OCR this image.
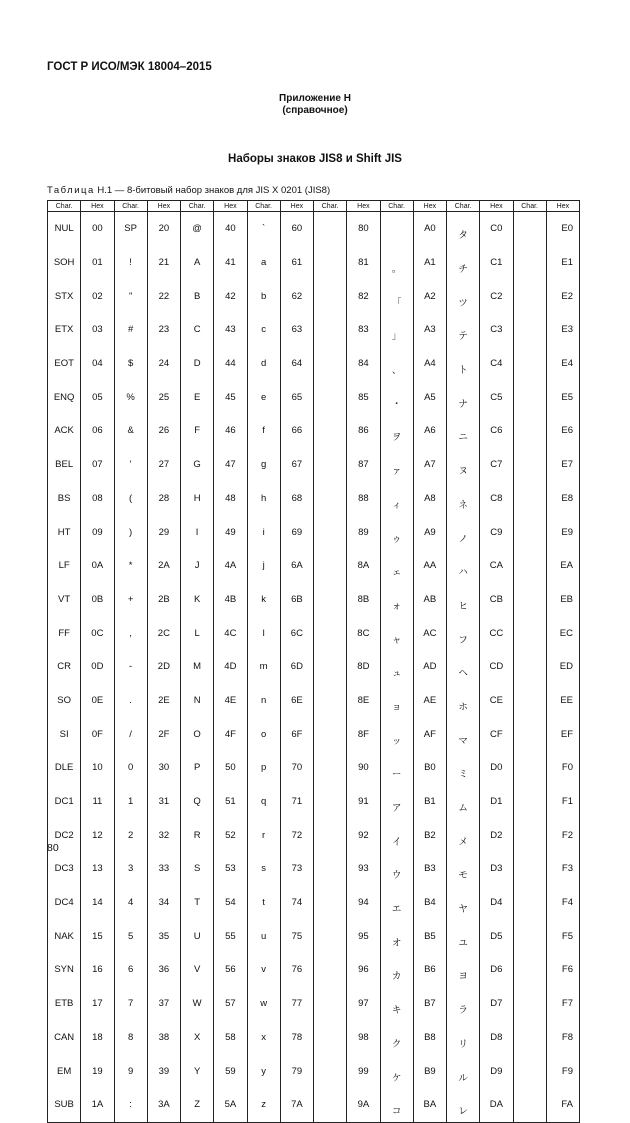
ГОСТ Р ИСО/МЭК 18004–2015
Приложение H
(справочное)
Наборы знаков JIS8 и Shift JIS
Таблица H.1 — 8-битовый набор знаков для JIS X 0201 (JIS8)
Char.	Hex	Char.	Hex	Char.	Hex	Char.	Hex	Char.	Hex	Char.	Hex	Char.	Hex	Char.	Hex
NUL	00	SP	20	@	40	`	60		80		A0	タ	C0		E0
SOH	01	!	21	A	41	a	61		81	。	A1	チ	C1		E1
STX	02	"	22	B	42	b	62		82	「	A2	ツ	C2		E2
ETX	03	#	23	C	43	c	63		83	」	A3	テ	C3		E3
EOT	04	$	24	D	44	d	64		84	、	A4	ト	C4		E4
ENQ	05	%	25	E	45	e	65		85	・	A5	ナ	C5		E5
ACK	06	&	26	F	46	f	66		86	ヲ	A6	ニ	C6		E6
BEL	07	'	27	G	47	g	67		87	ァ	A7	ヌ	C7		E7
BS	08	(	28	H	48	h	68		88	ィ	A8	ネ	C8		E8
HT	09	)	29	I	49	i	69		89	ゥ	A9	ノ	C9		E9
LF	0A	*	2A	J	4A	j	6A		8A	ェ	AA	ハ	CA		EA
VT	0B	+	2B	K	4B	k	6B		8B	ォ	AB	ヒ	CB		EB
FF	0C	,	2C	L	4C	l	6C		8C	ャ	AC	フ	CC		EC
CR	0D	-	2D	M	4D	m	6D		8D	ュ	AD	ヘ	CD		ED
SO	0E	.	2E	N	4E	n	6E		8E	ョ	AE	ホ	CE		EE
SI	0F	/	2F	O	4F	o	6F		8F	ッ	AF	マ	CF		EF
DLE	10	0	30	P	50	p	70		90	ー	B0	ミ	D0		F0
DC1	11	1	31	Q	51	q	71		91	ア	B1	ム	D1		F1
DC2	12	2	32	R	52	r	72		92	イ	B2	メ	D2		F2
DC3	13	3	33	S	53	s	73		93	ウ	B3	モ	D3		F3
DC4	14	4	34	T	54	t	74		94	エ	B4	ヤ	D4		F4
NAK	15	5	35	U	55	u	75		95	オ	B5	ユ	D5		F5
SYN	16	6	36	V	56	v	76		96	カ	B6	ヨ	D6		F6
ETB	17	7	37	W	57	w	77		97	キ	B7	ラ	D7		F7
CAN	18	8	38	X	58	x	78		98	ク	B8	リ	D8		F8
EM	19	9	39	Y	59	y	79		99	ケ	B9	ル	D9		F9
SUB	1A	:	3A	Z	5A	z	7A		9A	コ	BA	レ	DA		FA
80
